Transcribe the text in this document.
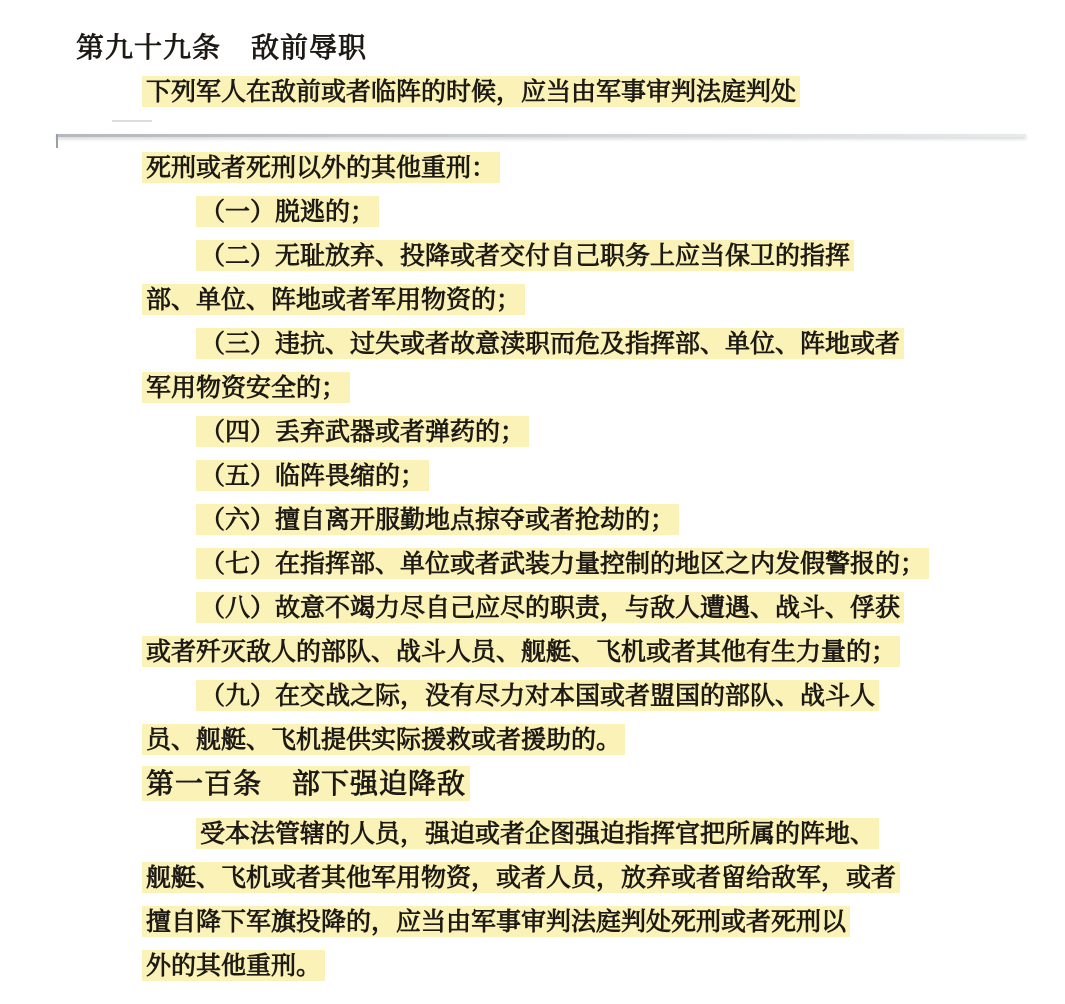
第九十九条 敌前辱职
下列军人在敌前或者临阵的时候，应当由军事审判法庭判处
死刑或者死刑以外的其他重刑：
（一）脱逃的；
（二）无耻放弃、投降或者交付自己职务上应当保卫的指挥
部、单位、阵地或者军用物资的；
（三）违抗、过失或者故意渎职而危及指挥部、单位、阵地或者
军用物资安全的；
（四）丢弃武器或者弹药的；
（五）临阵畏缩的；
（六）擅自离开服勤地点掠夺或者抢劫的；
（七）在指挥部、单位或者武装力量控制的地区之内发假警报的；
（八）故意不竭力尽自己应尽的职责，与敌人遭遇、战斗、俘获
或者歼灭敌人的部队、战斗人员、舰艇、飞机或者其他有生力量的；
（九）在交战之际，没有尽力对本国或者盟国的部队、战斗人
员、舰艇、飞机提供实际援救或者援助的。
第一百条 部下强迫降敌
受本法管辖的人员，强迫或者企图强迫指挥官把所属的阵地、
舰艇、飞机或者其他军用物资，或者人员，放弃或者留给敌军，或者
擅自降下军旗投降的，应当由军事审判法庭判处死刑或者死刑以
外的其他重刑。
